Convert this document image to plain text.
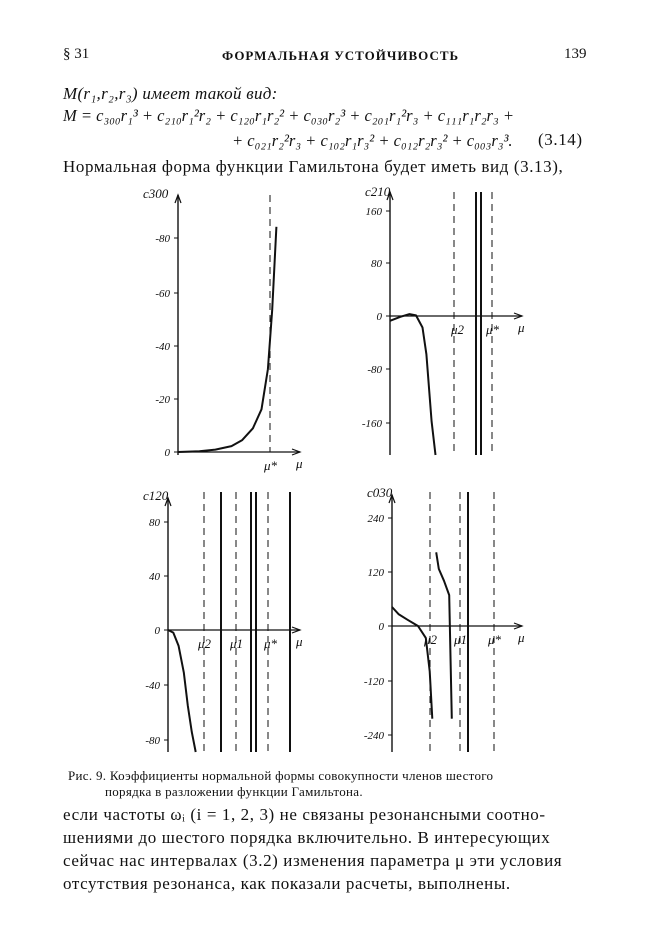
§ 31	ФОРМАЛЬНАЯ УСТОЙЧИВОСТЬ	139
M(r₁,r₂,r₃) имеет такой вид:
M = c₃₀₀r₁³ + c₂₁₀r₁²r₂ + c₁₂₀r₁r₂² + c₀₃₀r₂³ + c₂₀₁r₁²r₃ + c₁₁₁r₁r₂r₃ +
+ c₀₂₁r₂²r₃ + c₁₀₂r₁r₃² + c₀₁₂r₂r₃² + c₀₀₃r₃³. (3.14)
Нормальная форма функции Гамильтона будет иметь вид (3.13),
c300
μ
-80
-60
-40
-20
0
μ*
c210
μ
160
80
0
-80
-160
μ2 μ*
c120
μ
80
40
0
-40
-80
μ2 μ1 μ*
c030
μ
240
120
0
-120
-240
μ2 μ1 μ*
Рис. 9. Коэффициенты нормальной формы совокупности членов шестого
порядка в разложении функции Гамильтона.
если частоты ωᵢ (i = 1, 2, 3) не связаны резонансными соотно-
шениями до шестого порядка включительно. В интересующих
сейчас нас интервалах (3.2) изменения параметра μ эти условия
отсутствия резонанса, как показали расчеты, выполнены.
